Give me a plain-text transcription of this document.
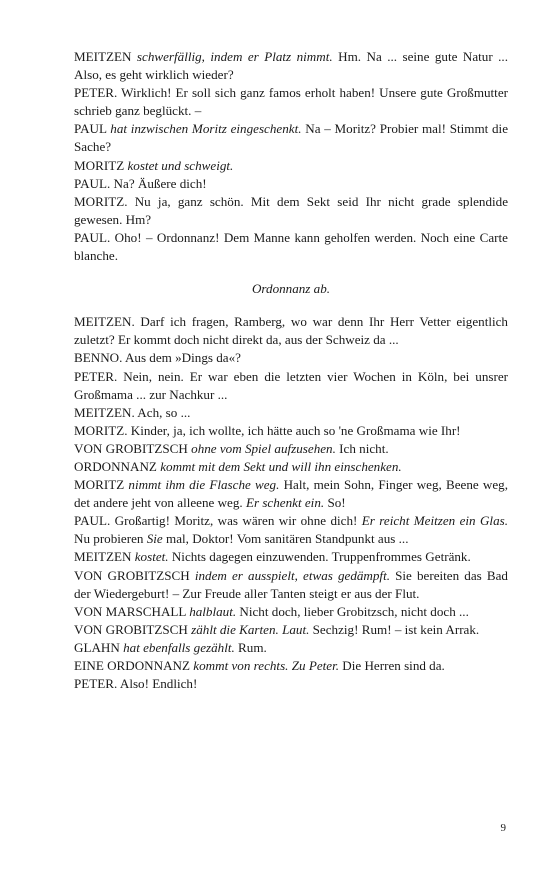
MEITZEN schwerfällig, indem er Platz nimmt. Hm. Na ... seine gute Natur ... Also, es geht wirklich wieder?

PETER. Wirklich! Er soll sich ganz famos erholt haben! Unsere gute Großmutter schrieb ganz beglückt. –

PAUL hat inzwischen Moritz eingeschenkt. Na – Moritz? Probier mal! Stimmt die Sache?

MORITZ kostet und schweigt.

PAUL. Na? Äußere dich!

MORITZ. Nu ja, ganz schön. Mit dem Sekt seid Ihr nicht grade splendide gewesen. Hm?

PAUL. Oho! – Ordonnanz! Dem Manne kann geholfen werden. Noch eine Carte blanche.

Ordonnanz ab.

MEITZEN. Darf ich fragen, Ramberg, wo war denn Ihr Herr Vetter eigentlich zuletzt? Er kommt doch nicht direkt da, aus der Schweiz da ...

BENNO. Aus dem »Dings da«?

PETER. Nein, nein. Er war eben die letzten vier Wochen in Köln, bei unsrer Großmama ... zur Nachkur ...

MEITZEN. Ach, so ...

MORITZ. Kinder, ja, ich wollte, ich hätte auch so 'ne Großmama wie Ihr!

VON GROBITZSCH ohne vom Spiel aufzusehen. Ich nicht.

ORDONNANZ kommt mit dem Sekt und will ihn einschenken.

MORITZ nimmt ihm die Flasche weg. Halt, mein Sohn, Finger weg, Beene weg, det andere jeht von alleene weg. Er schenkt ein. So!

PAUL. Großartig! Moritz, was wären wir ohne dich! Er reicht Meitzen ein Glas. Nu probieren Sie mal, Doktor! Vom sanitären Standpunkt aus ...

MEITZEN kostet. Nichts dagegen einzuwenden. Truppenfrommes Getränk.

VON GROBITZSCH indem er ausspielt, etwas gedämpft. Sie bereiten das Bad der Wiedergeburt! – Zur Freude aller Tanten steigt er aus der Flut.

VON MARSCHALL halblaut. Nicht doch, lieber Grobitzsch, nicht doch ...

VON GROBITZSCH zählt die Karten. Laut. Sechzig! Rum! – ist kein Arrak.

GLAHN hat ebenfalls gezählt. Rum.

EINE ORDONNANZ kommt von rechts. Zu Peter. Die Herren sind da.

PETER. Also! Endlich!

9
